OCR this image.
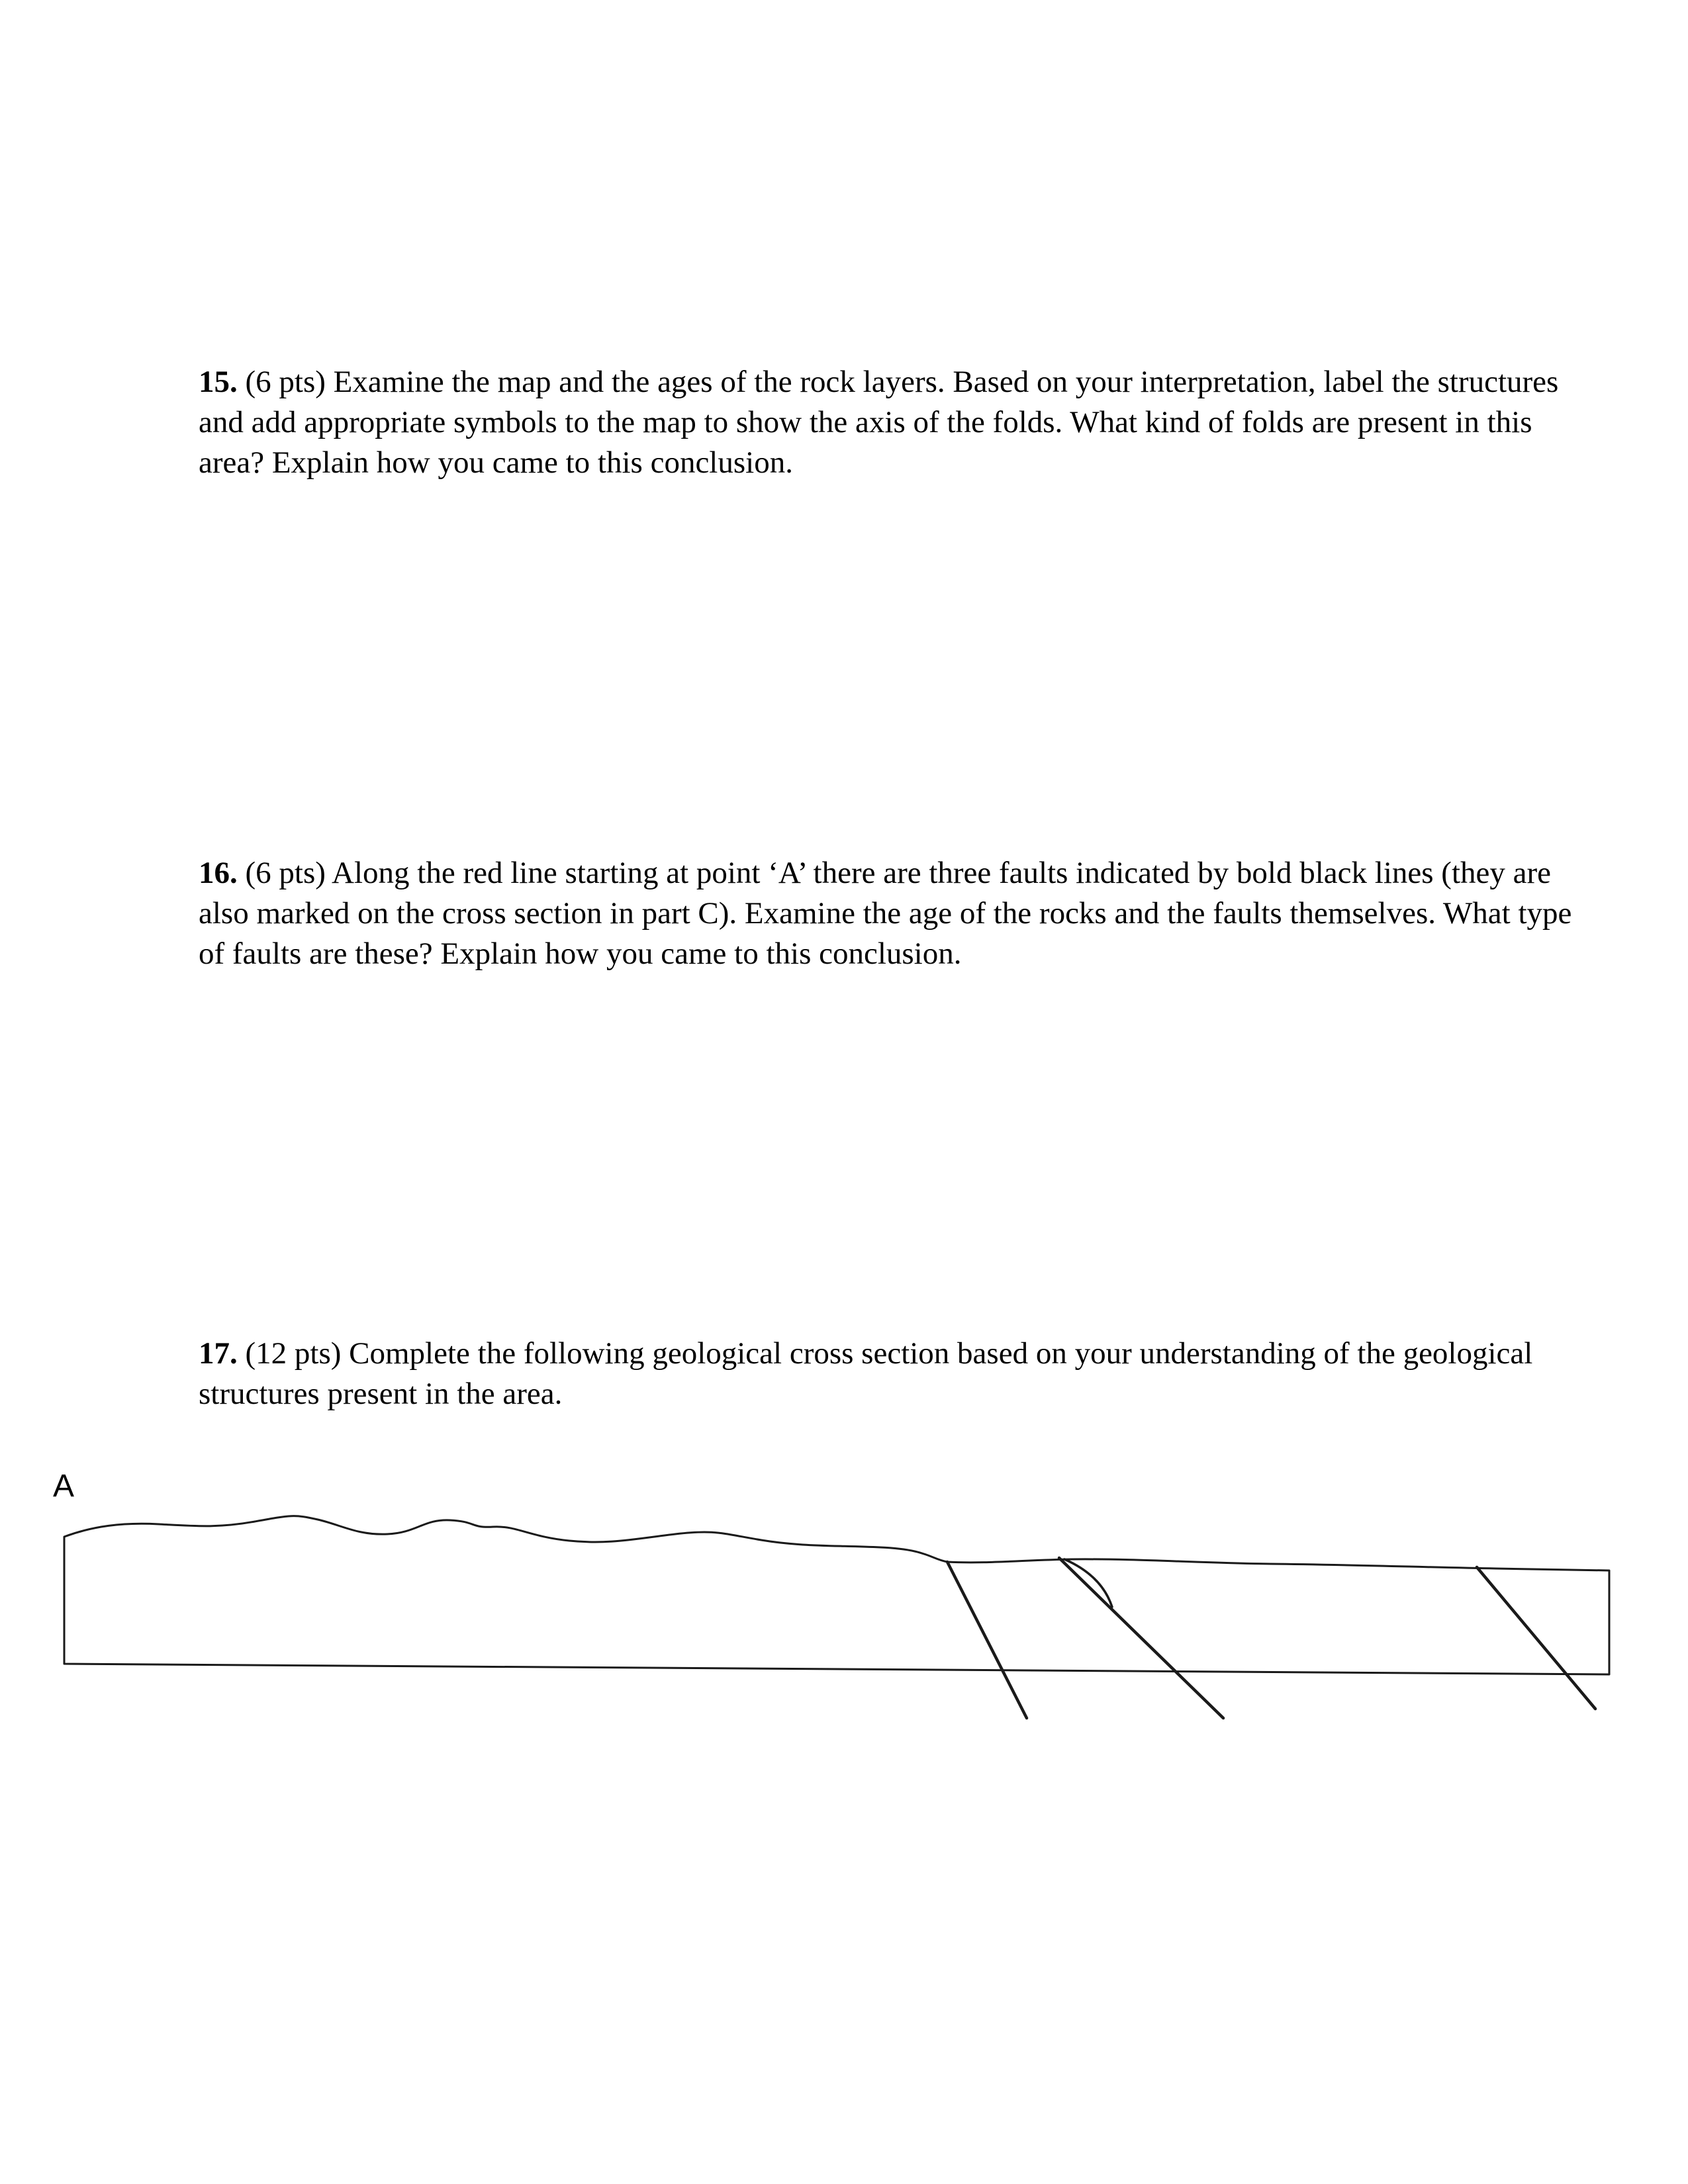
15. (6 pts) Examine the map and the ages of the rock layers. Based on your interpretation, label the structures and add appropriate symbols to the map to show the axis of the folds. What kind of folds are present in this area? Explain how you came to this conclusion.

16. (6 pts) Along the red line starting at point ‘A’ there are three faults indicated by bold black lines (they are also marked on the cross section in part C). Examine the age of the rocks and the faults themselves. What type of faults are these? Explain how you came to this conclusion.

17. (12 pts) Complete the following geological cross section based on your understanding of the geological structures present in the area.

A
